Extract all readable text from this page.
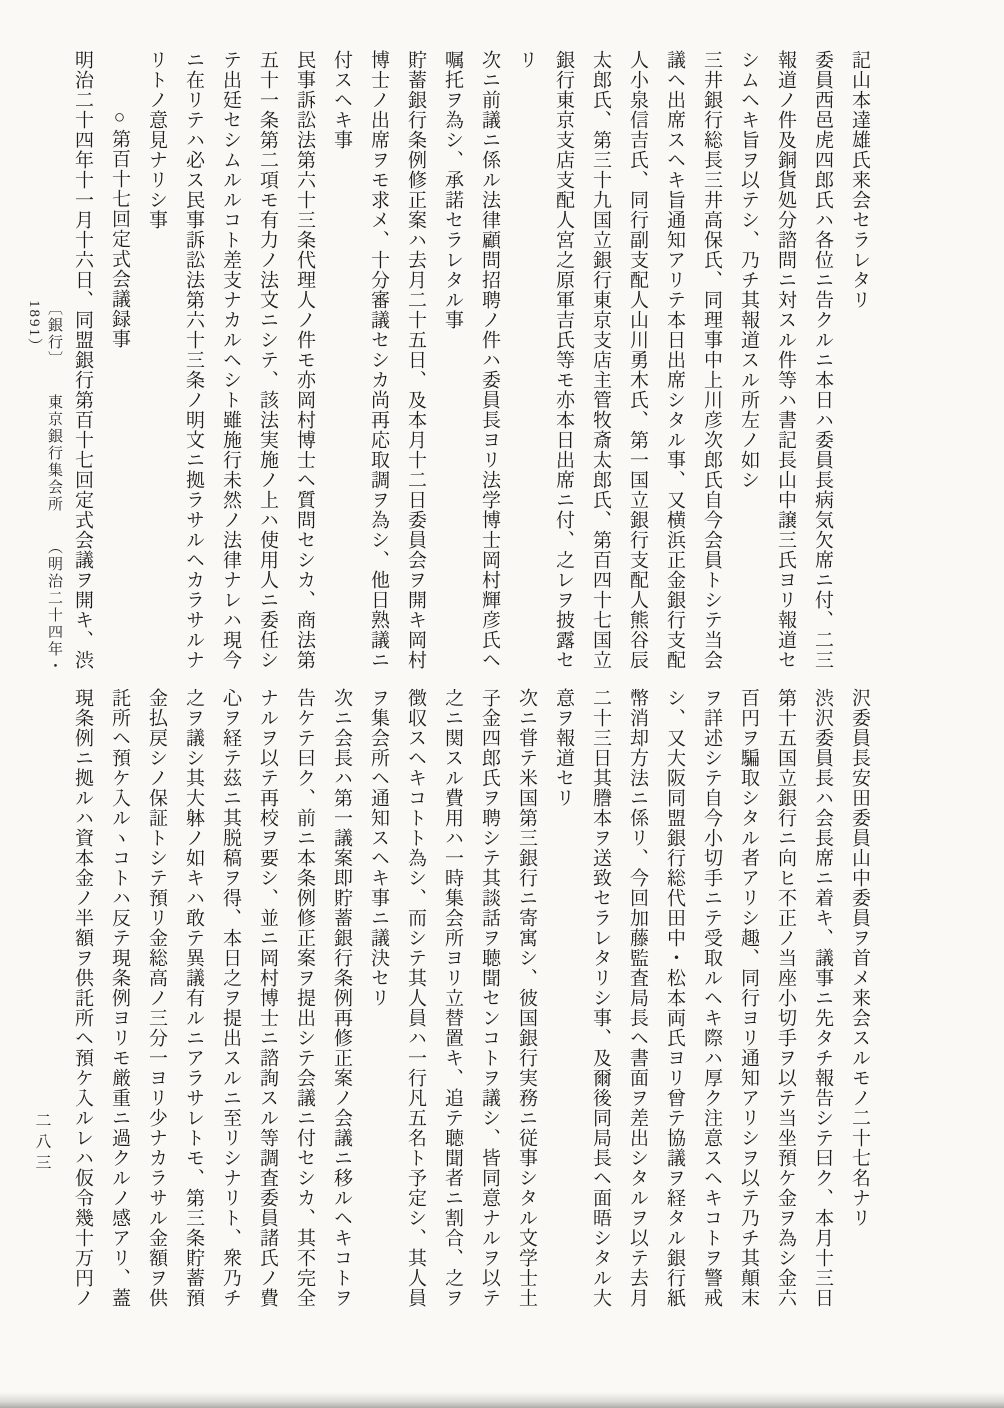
記山本達雄氏来会セラレタリ

委員西邑虎四郎氏ハ各位ニ告クルニ本日ハ委員長病気欠席ニ付、二三

報道ノ件及銅貨処分諮問ニ対スル件等ハ書記長山中譲三氏ヨリ報道セ

シムヘキ旨ヲ以テシ、乃チ其報道スル所左ノ如シ

三井銀行総長三井高保氏、同理事中上川彦次郎氏自今会員トシテ当会

議ヘ出席スヘキ旨通知アリテ本日出席シタル事、又横浜正金銀行支配

人小泉信吉氏、同行副支配人山川勇木氏、第一国立銀行支配人熊谷辰

太郎氏、第三十九国立銀行東京支店主管牧斎太郎氏、第百四十七国立

銀行東京支店支配人宮之原軍吉氏等モ亦本日出席ニ付、之レヲ披露セ

リ

次ニ前議ニ係ル法律顧問招聘ノ件ハ委員長ヨリ法学博士岡村輝彦氏ヘ

嘱托ヲ為シ、承諾セラレタル事

貯蓄銀行条例修正案ハ去月二十五日、及本月十二日委員会ヲ開キ岡村

博士ノ出席ヲモ求メ、十分審議セシカ尚再応取調ヲ為シ、他日熟議ニ

付スヘキ事

民事訴訟法第六十三条代理人ノ件モ亦岡村博士ヘ質問セシカ、商法第

五十一条第二項モ有力ノ法文ニシテ、該法実施ノ上ハ使用人ニ委任シ

テ出廷セシムルルコト差支ナカルヘシト雖施行未然ノ法律ナレハ現今

ニ在リテハ必ス民事訴訟法第六十三条ノ明文ニ拠ラサルヘカラサルナ

リトノ意見ナリシ事

○第百十七回定式会議録事

明治二十四年十一月十六日、同盟銀行第百十七回定式会議ヲ開キ、渋

沢委員長安田委員山中委員ヲ首メ来会スルモノ二十七名ナリ

渋沢委員長ハ会長席ニ着キ、議事ニ先タチ報告シテ曰ク、本月十三日

第十五国立銀行ニ向ヒ不正ノ当座小切手ヲ以テ当坐預ケ金ヲ為シ金六

百円ヲ騙取シタル者アリシ趣、同行ヨリ通知アリシヲ以テ乃チ其顛末

ヲ詳述シテ自今小切手ニテ受取ルヘキ際ハ厚ク注意スヘキコトヲ警戒

シ、又大阪同盟銀行総代田中・松本両氏ヨリ曾テ協議ヲ経タル銀行紙

幣消却方法ニ係リ、今回加藤監査局長ヘ書面ヲ差出シタルヲ以テ去月

二十三日其謄本ヲ送致セラレタリシ事、及爾後同局長ヘ面晤シタル大

意ヲ報道セリ

次ニ甞テ米国第三銀行ニ寄寓シ、彼国銀行実務ニ従事シタル文学士土

子金四郎氏ヲ聘シテ其談話ヲ聴聞センコトヲ議シ、皆同意ナルヲ以テ

之ニ関スル費用ハ一時集会所ヨリ立替置キ、追テ聴聞者ニ割合、之ヲ

徴収スヘキコトト為シ、而シテ其人員ハ一行凡五名ト予定シ、其人員

ヲ集会所ヘ通知スヘキ事ニ議決セリ

次ニ会長ハ第一議案即貯蓄銀行条例再修正案ノ会議ニ移ルヘキコトヲ

告ケテ曰ク、前ニ本条例修正案ヲ提出シテ会議ニ付セシカ、其不完全

ナルヲ以テ再校ヲ要シ、並ニ岡村博士ニ諮詢スル等調査委員諸氏ノ費

心ヲ経テ茲ニ其脱稿ヲ得、本日之ヲ提出スルニ至リシナリト、衆乃チ

之ヲ議シ其大躰ノ如キハ敢テ異議有ルニアラサレトモ、第三条貯蓄預

金払戻シノ保証トシテ預リ金総高ノ三分一ヨリ少ナカラサル金額ヲ供

託所ヘ預ケ入ルヽコトハ反テ現条例ヨリモ厳重ニ過クルノ感アリ、蓋

現条例ニ拠ルハ資本金ノ半額ヲ供託所ヘ預ケ入ルレハ仮令幾十万円ノ

〔銀行〕 東京銀行集会所 （明治二十四年・1891）
二八三
